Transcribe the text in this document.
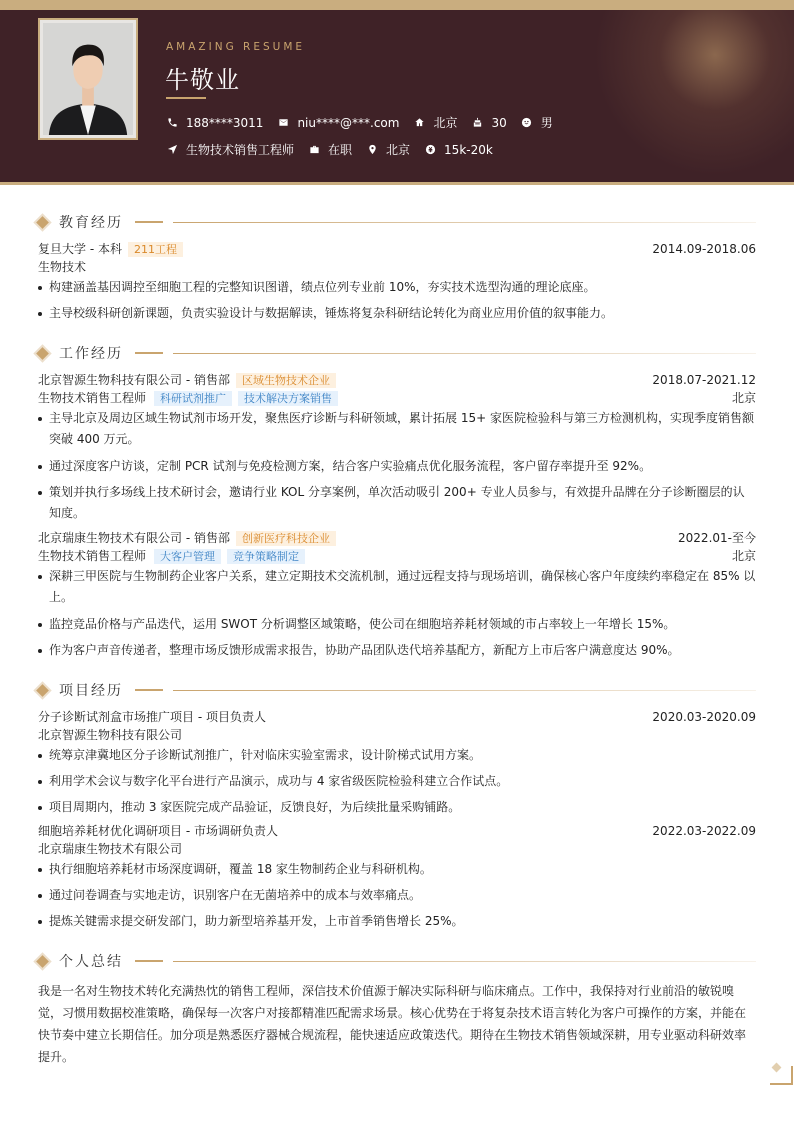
AMAZING RESUME
牛敬业
188****3011	niu****@***.com	北京	30	男
生物技术销售工程师	在职	北京	15k-20k
教育经历
复旦大学 - 本科	211工程	2014.09-2018.06
生物技术
构建涵盖基因调控至细胞工程的完整知识图谱，绩点位列专业前 10%，夯实技术选型沟通的理论底座。
主导校级科研创新课题，负责实验设计与数据解读，锤炼将复杂科研结论转化为商业应用价值的叙事能力。
工作经历
北京智源生物科技有限公司 - 销售部	区域生物技术企业	2018.07-2021.12
生物技术销售工程师	科研试剂推广	技术解决方案销售	北京
主导北京及周边区域生物试剂市场开发，聚焦医疗诊断与科研领域，累计拓展 15+ 家医院检验科与第三方检测机构，实现季度销售额突破 400 万元。
通过深度客户访谈，定制 PCR 试剂与免疫检测方案，结合客户实验痛点优化服务流程，客户留存率提升至 92%。
策划并执行多场线上技术研讨会，邀请行业 KOL 分享案例，单次活动吸引 200+ 专业人员参与，有效提升品牌在分子诊断圈层的认知度。
北京瑞康生物技术有限公司 - 销售部	创新医疗科技企业	2022.01-至今
生物技术销售工程师	大客户管理	竞争策略制定	北京
深耕三甲医院与生物制药企业客户关系，建立定期技术交流机制，通过远程支持与现场培训，确保核心客户年度续约率稳定在 85% 以上。
监控竞品价格与产品迭代，运用 SWOT 分析调整区域策略，使公司在细胞培养耗材领域的市占率较上一年增长 15%。
作为客户声音传递者，整理市场反馈形成需求报告，协助产品团队迭代培养基配方，新配方上市后客户满意度达 90%。
项目经历
分子诊断试剂盒市场推广项目 - 项目负责人	2020.03-2020.09
北京智源生物科技有限公司
统筹京津冀地区分子诊断试剂推广，针对临床实验室需求，设计阶梯式试用方案。
利用学术会议与数字化平台进行产品演示，成功与 4 家省级医院检验科建立合作试点。
项目周期内，推动 3 家医院完成产品验证，反馈良好，为后续批量采购铺路。
细胞培养耗材优化调研项目 - 市场调研负责人	2022.03-2022.09
北京瑞康生物技术有限公司
执行细胞培养耗材市场深度调研，覆盖 18 家生物制药企业与科研机构。
通过问卷调查与实地走访，识别客户在无菌培养中的成本与效率痛点。
提炼关键需求提交研发部门，助力新型培养基开发，上市首季销售增长 25%。
个人总结
我是一名对生物技术转化充满热忱的销售工程师，深信技术价值源于解决实际科研与临床痛点。工作中，我保持对行业前沿的敏锐嗅觉，习惯用数据校准策略，确保每一次客户对接都精准匹配需求场景。核心优势在于将复杂技术语言转化为客户可操作的方案，并能在快节奏中建立长期信任。加分项是熟悉医疗器械合规流程，能快速适应政策迭代。期待在生物技术销售领域深耕，用专业驱动科研效率提升。
